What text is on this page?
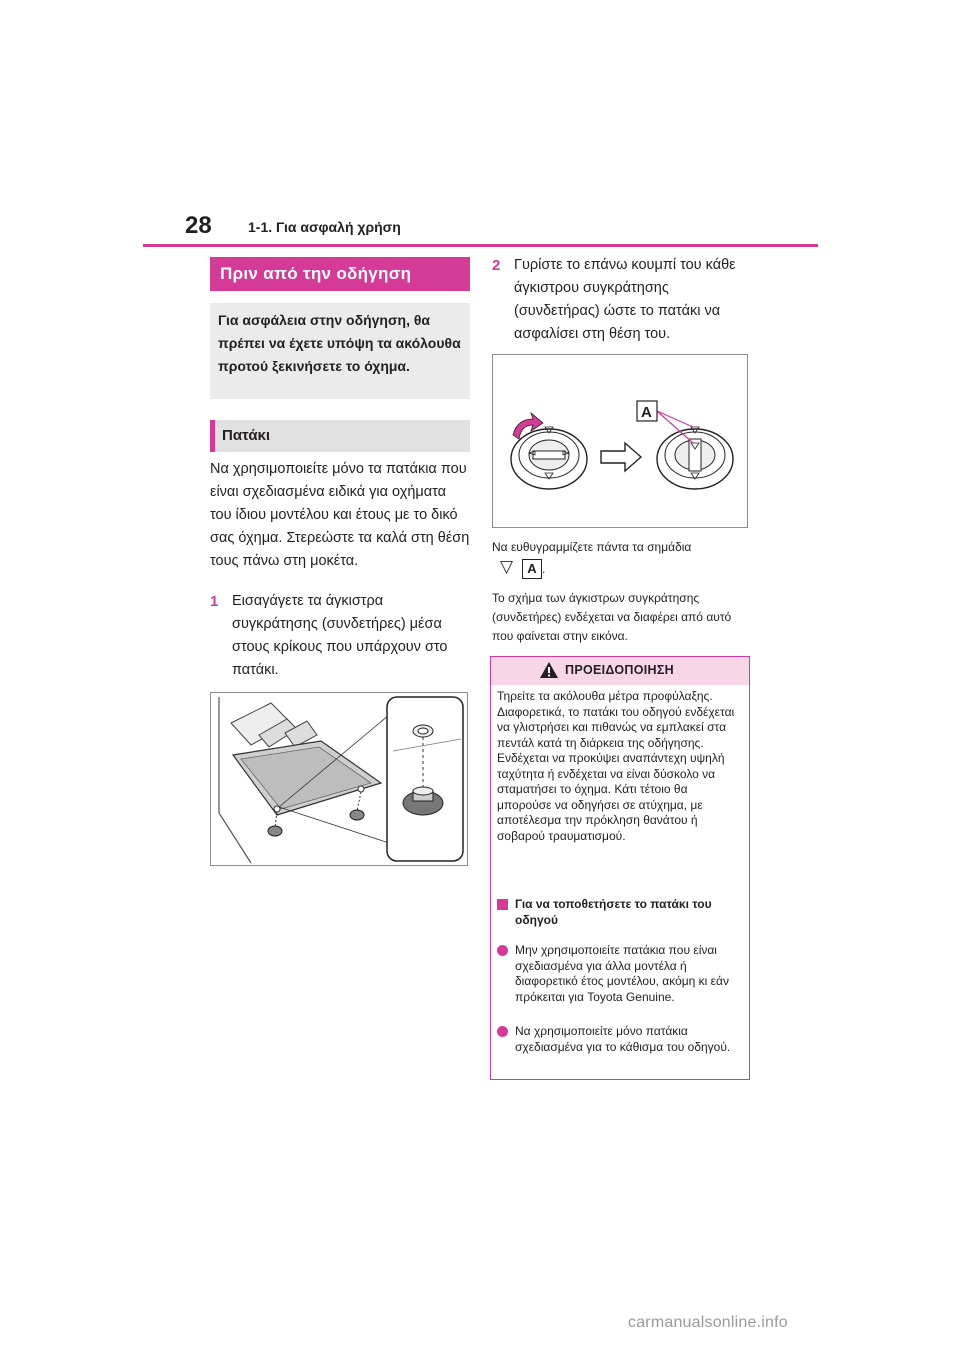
28	1-1. Για ασφαλή χρήση
Πριν από την οδήγηση
Για ασφάλεια στην οδήγηση, θα πρέπει να έχετε υπόψη τα ακόλουθα προτού ξεκινήσετε το όχημα.
Πατάκι
Να χρησιμοποιείτε μόνο τα πατάκια που είναι σχεδιασμένα ειδικά για οχήματα του ίδιου μοντέλου και έτους με το δικό σας όχημα. Στερεώστε τα καλά στη θέση τους πάνω στη μοκέτα.
1 Εισαγάγετε τα άγκιστρα συγκράτησης (συνδετήρες) μέσα στους κρίκους που υπάρχουν στο πατάκι.
2 Γυρίστε το επάνω κουμπί του κάθε άγκιστρου συγκράτησης (συνδετήρας) ώστε το πατάκι να ασφαλίσει στη θέση του.
A
Να ευθυγραμμίζετε πάντα τα σημάδια
▽	A .
Το σχήμα των άγκιστρων συγκράτησης (συνδετήρες) ενδέχεται να διαφέρει από αυτό που φαίνεται στην εικόνα.
ΠΡΟΕΙΔΟΠΟΙΗΣΗ
Τηρείτε τα ακόλουθα μέτρα προφύλαξης. Διαφορετικά, το πατάκι του οδηγού ενδέχεται να γλιστρήσει και πιθανώς να εμπλακεί στα πεντάλ κατά τη διάρκεια της οδήγησης. Ενδέχεται να προκύψει αναπάντεχη υψηλή ταχύτητα ή ενδέχεται να είναι δύσκολο να σταματήσει το όχημα. Κάτι τέτοιο θα μπορούσε να οδηγήσει σε ατύχημα, με αποτέλεσμα την πρόκληση θανάτου ή σοβαρού τραυματισμού.
Για να τοποθετήσετε το πατάκι του οδηγού
Μην χρησιμοποιείτε πατάκια που είναι σχεδιασμένα για άλλα μοντέλα ή διαφορετικό έτος μοντέλου, ακόμη κι εάν πρόκειται για Toyota Genuine.
Να χρησιμοποιείτε μόνο πατάκια σχεδιασμένα για το κάθισμα του οδηγού.
carmanualsonline.info
